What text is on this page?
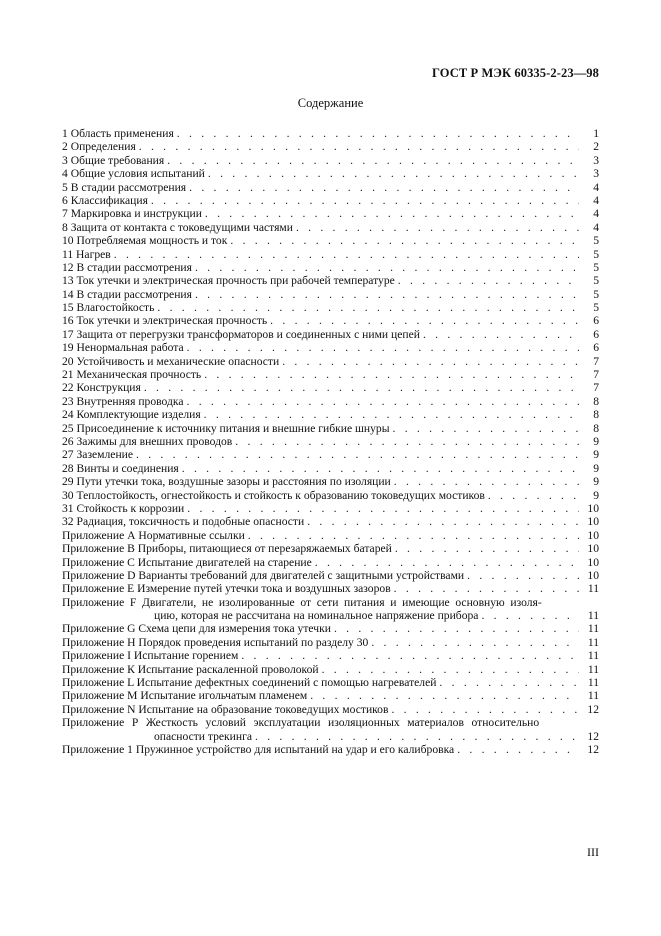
ГОСТ Р МЭК 60335-2-23—98
Содержание
1 Область применения . . .	1
2 Определения . . .	2
3 Общие требования . . .	3
4 Общие условия испытаний . . .	3
5 В стадии рассмотрения . . .	4
6 Классификация . . .	4
7 Маркировка и инструкции . . .	4
8 Защита от контакта с токоведущими частями . . .	4
10 Потребляемая мощность и ток . . .	5
11 Нагрев . . .	5
12 В стадии рассмотрения . . .	5
13 Ток утечки и электрическая прочность при рабочей температуре . . .	5
14 В стадии рассмотрения . . .	5
15 Влагостойкость . . .	5
16 Ток утечки и электрическая прочность . . .	6
17 Защита от перегрузки трансформаторов и соединенных с ними цепей . . .	6
19 Ненормальная работа . . .	6
20 Устойчивость и механические опасности . . .	7
21 Механическая прочность . . .	7
22 Конструкция . . .	7
23 Внутренняя проводка . . .	8
24 Комплектующие изделия . . .	8
25 Присоединение к источнику питания и внешние гибкие шнуры . . .	8
26 Зажимы для внешних проводов . . .	9
27 Заземление . . .	9
28 Винты и соединения . . .	9
29 Пути утечки тока, воздушные зазоры и расстояния по изоляции . . .	9
30 Теплостойкость, огнестойкость и стойкость к образованию токоведущих мостиков . . .	9
31 Стойкость к коррозии . . .	10
32 Радиация, токсичность и подобные опасности . . .	10
Приложение А Нормативные ссылки . . .	10
Приложение В Приборы, питающиеся от перезаряжаемых батарей . . .	10
Приложение С Испытание двигателей на старение . . .	10
Приложение D Варианты требований для двигателей с защитными устройствами . . .	10
Приложение Е Измерение путей утечки тока и воздушных зазоров . . .	11
Приложение F Двигатели, не изолированные от сети питания и имеющие основную изоля-
цию, которая не рассчитана на номинальное напряжение прибора . . .	11
Приложение G Схема цепи для измерения тока утечки . . .	11
Приложение Н Порядок проведения испытаний по разделу 30 . . .	11
Приложение I Испытание горением . . .	11
Приложение К Испытание раскаленной проволокой . . .	11
Приложение L Испытание дефектных соединений с помощью нагревателей . . .	11
Приложение М Испытание игольчатым пламенем . . .	11
Приложение N Испытание на образование токоведущих мостиков . . .	12
Приложение Р Жесткость условий эксплуатации изоляционных материалов относительно
опасности трекинга . . .	12
Приложение 1 Пружинное устройство для испытаний на удар и его калибровка . . .	12
III
